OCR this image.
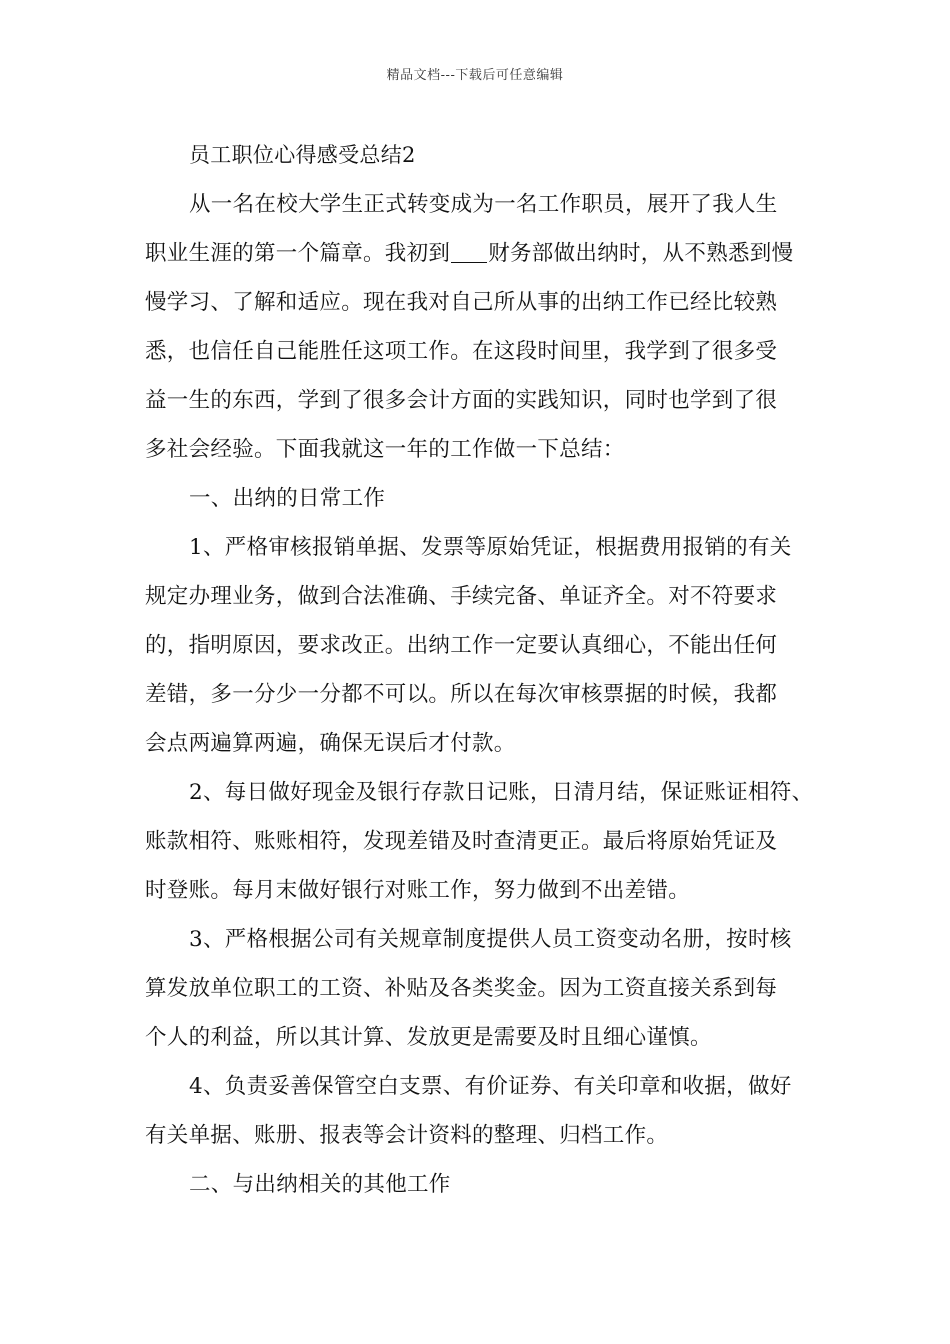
精品文档---下载后可任意编辑
员工职位心得感受总结2
从一名在校大学生正式转变成为一名工作职员，展开了我人生
职业生涯的第一个篇章。我初到 财务部做出纳时，从不熟悉到慢
慢学习、了解和适应。现在我对自己所从事的出纳工作已经比较熟
悉，也信任自己能胜任这项工作。在这段时间里，我学到了很多受
益一生的东西，学到了很多会计方面的实践知识，同时也学到了很
多社会经验。下面我就这一年的工作做一下总结：
一、出纳的日常工作
1、严格审核报销单据、发票等原始凭证，根据费用报销的有关
规定办理业务，做到合法准确、手续完备、单证齐全。对不符要求
的，指明原因，要求改正。出纳工作一定要认真细心，不能出任何
差错，多一分少一分都不可以。所以在每次审核票据的时候，我都
会点两遍算两遍，确保无误后才付款。
2、每日做好现金及银行存款日记账，日清月结，保证账证相符、
账款相符、账账相符，发现差错及时查清更正。最后将原始凭证及
时登账。每月末做好银行对账工作，努力做到不出差错。
3、严格根据公司有关规章制度提供人员工资变动名册，按时核
算发放单位职工的工资、补贴及各类奖金。因为工资直接关系到每
个人的利益，所以其计算、发放更是需要及时且细心谨慎。
4、负责妥善保管空白支票、有价证券、有关印章和收据，做好
有关单据、账册、报表等会计资料的整理、归档工作。
二、与出纳相关的其他工作
